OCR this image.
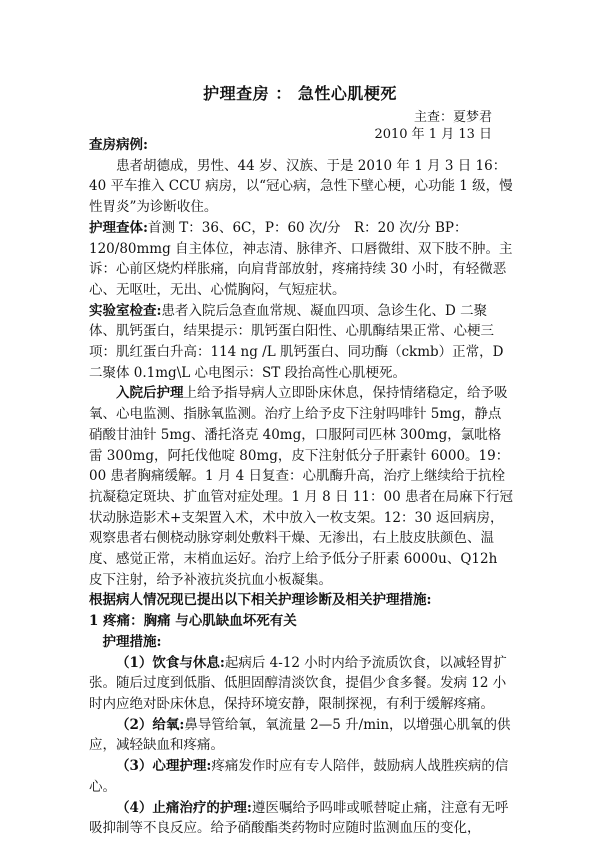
护理查房 ： 急性心肌梗死
主查：夏梦君
2010 年 1 月 13 日

查房病例:

患者胡德成，男性、44 岁、汉族、于是 2010 年 1 月 3 日 16：40 平车推入 CCU 病房，以“冠心病，急性下壁心梗，心功能 1 级，慢性胃炎”为诊断收住。

护理查体:首测 T：36、6C，P：60 次/分　R：20 次/分 BP：120/80mmg 自主体位，神志清、脉律齐、口唇微绀、双下肢不肿。主诉：心前区烧灼样胀痛，向肩背部放射，疼痛持续 30 小时，有轻微恶心、无呕吐，无出、心慌胸闷，气短症状。

实验室检查:患者入院后急查血常规、凝血四项、急诊生化、D 二聚体、肌钙蛋白，结果提示：肌钙蛋白阳性、心肌酶结果正常、心梗三项：肌红蛋白升高：114 ng /L 肌钙蛋白、同功酶（ckmb）正常，D 二聚体 0.1mg\L 心电图示：ST 段抬高性心肌梗死。

入院后护理上给予指导病人立即卧床休息，保持情绪稳定，给予吸氧、心电监测、指脉氧监测。治疗上给予皮下注射吗啡针 5mg，静点硝酸甘油针 5mg、潘托洛克 40mg，口服阿司匹林 300mg，氯吡格雷 300mg，阿托伐他啶 80mg，皮下注射低分子肝素针 6000。19：00 患者胸痛缓解。1 月 4 日复查：心肌酶升高，治疗上继续给于抗栓抗凝稳定斑块、扩血管对症处理。1 月 8 日 11：00 患者在局麻下行冠状动脉造影术+支架置入术，术中放入一枚支架。12：30 返回病房，观察患者右侧桡动脉穿刺处敷料干燥、无渗出，右上肢皮肤颜色、温度、感觉正常，末梢血运好。治疗上给予低分子肝素 6000u、Q12h 皮下注射，给予补液抗炎抗血小板凝集。

根据病人情况现已提出以下相关护理诊断及相关护理措施:

1 疼痛：胸痛 与心肌缺血坏死有关

护理措施:

（1）饮食与休息:起病后 4-12 小时内给予流质饮食，以减轻胃扩张。随后过度到低脂、低胆固醇清淡饮食，提倡少食多餐。发病 12 小时内应绝对卧床休息，保持环境安静，限制探视，有利于缓解疼痛。

（2）给氧:鼻导管给氧，氧流量 2—5 升/min，以增强心肌氧的供应，减轻缺血和疼痛。

（3）心理护理:疼痛发作时应有专人陪伴，鼓励病人战胜疾病的信心。

（4）止痛治疗的护理:遵医嘱给予吗啡或哌替啶止痛，注意有无呼吸抑制等不良反应。给予硝酸酯类药物时应随时监测血压的变化，
